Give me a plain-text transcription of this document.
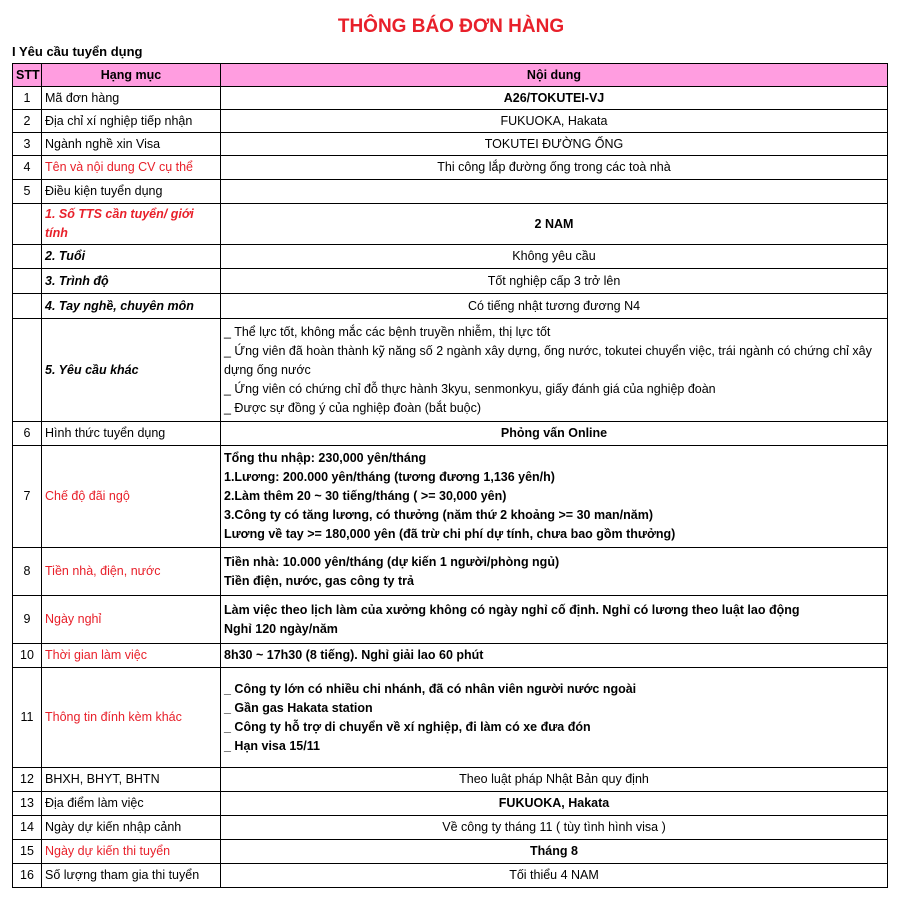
THÔNG BÁO ĐƠN HÀNG
I Yêu cầu tuyển dụng
STT	Hạng mục	Nội dung
1	Mã đơn hàng	A26/TOKUTEI-VJ
2	Địa chỉ xí nghiệp tiếp nhận	FUKUOKA, Hakata
3	Ngành nghề xin Visa	TOKUTEI ĐƯỜNG ỐNG
4	Tên và nội dung CV cụ thể	Thi công lắp đường ống trong các toà nhà
5	Điều kiện tuyển dụng	
	1. Số TTS cần tuyển/ giới tính	2 NAM
	2. Tuổi	Không yêu cầu
	3. Trình độ	Tốt nghiệp cấp 3 trở lên
	4. Tay nghề, chuyên môn	Có tiếng nhật tương đương N4
	5. Yêu cầu khác	_ Thể lực tốt, không mắc các bệnh truyền nhiễm, thị lực tốt
_ Ứng viên đã hoàn thành kỹ năng số 2 ngành xây dựng, ống nước, tokutei chuyển việc, trái ngành có chứng chỉ xây dựng ống nước
_ Ứng viên có chứng chỉ đỗ thực hành 3kyu, senmonkyu, giấy đánh giá của nghiệp đoàn
_ Được sự đồng ý của nghiệp đoàn (bắt buộc)

6	Hình thức tuyển dụng	Phỏng vấn Online
7	Chế độ đãi ngộ	Tổng thu nhập: 230,000 yên/tháng
1.Lương: 200.000 yên/tháng (tương đương 1,136 yên/h)
2.Làm thêm 20 ~ 30 tiếng/tháng ( >= 30,000 yên)
3.Công ty có tăng lương, có thưởng (năm thứ 2 khoảng >= 30 man/năm)
Lương về tay >= 180,000 yên (đã trừ chi phí dự tính, chưa bao gồm thưởng)

8	Tiền nhà, điện, nước	Tiền nhà: 10.000 yên/tháng (dự kiến 1 người/phòng ngủ)
Tiền điện, nước, gas công ty trả

9	Ngày nghỉ	Làm việc theo lịch làm của xưởng không có ngày nghỉ cố định. Nghỉ có lương theo luật lao động
Nghỉ 120 ngày/năm

10	Thời gian làm việc	8h30 ~ 17h30 (8 tiếng). Nghỉ giải lao 60 phút
11	Thông tin đính kèm khác	_ Công ty lớn có nhiều chi nhánh, đã có nhân viên người nước ngoài
_ Gần gas Hakata station
_ Công ty hỗ trợ di chuyển về xí nghiệp, đi làm có xe đưa đón
_ Hạn visa 15/11

12	BHXH, BHYT, BHTN	Theo luật pháp Nhật Bản quy định
13	Địa điểm làm việc	FUKUOKA, Hakata
14	Ngày dự kiến nhập cảnh	Về công ty tháng 11 ( tùy tình hình visa )
15	Ngày dự kiến thi tuyển	Tháng 8
16	Số lượng tham gia thi tuyển	Tối thiểu 4 NAM
